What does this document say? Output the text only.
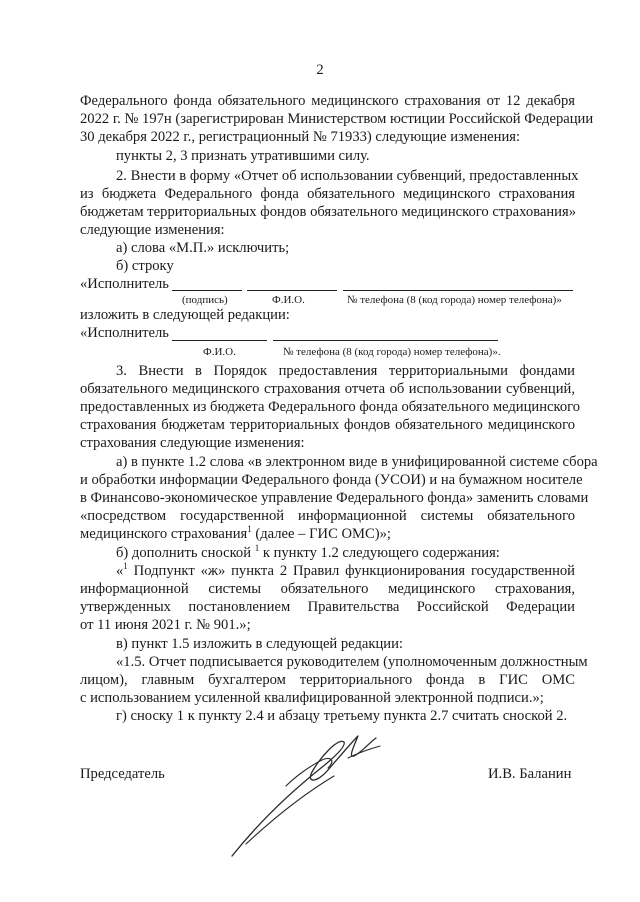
2
Федерального фонда обязательного медицинского страхования от 12 декабря
2022 г. № 197н (зарегистрирован Министерством юстиции Российской Федерации
30 декабря 2022 г., регистрационный № 71933) следующие изменения:
пункты 2, 3 признать утратившими силу.
2. Внести в форму «Отчет об использовании субвенций, предоставленных
из бюджета Федерального фонда обязательного медицинского страхования
бюджетам территориальных фондов обязательного медицинского страхования»
следующие изменения:
а) слова «М.П.» исключить;
б) строку
«Исполнитель
(подпись)	Ф.И.О.	№ телефона (8 (код города) номер телефона)»
изложить в следующей редакции:
«Исполнитель
Ф.И.О.	№ телефона (8 (код города) номер телефона)».
3. Внести в Порядок предоставления территориальными фондами
обязательного медицинского страхования отчета об использовании субвенций,
предоставленных из бюджета Федерального фонда обязательного медицинского
страхования бюджетам территориальных фондов обязательного медицинского
страхования следующие изменения:
а) в пункте 1.2 слова «в электронном виде в унифицированной системе сбора
и обработки информации Федерального фонда (УСОИ) и на бумажном носителе
в Финансово-экономическое управление Федерального фонда» заменить словами
«посредством государственной информационной системы обязательного
медицинского страхования$^1$ (далее – ГИС ОМС)»;
б) дополнить сноской $^1$ к пункту 1.2 следующего содержания:
«$^1$ Подпункт «ж» пункта 2 Правил функционирования государственной
информационной системы обязательного медицинского страхования,
утвержденных постановлением Правительства Российской Федерации
от 11 июня 2021 г. № 901.»;
в) пункт 1.5 изложить в следующей редакции:
«1.5. Отчет подписывается руководителем (уполномоченным должностным
лицом), главным бухгалтером территориального фонда в ГИС ОМС
с использованием усиленной квалифицированной электронной подписи.»;
г) сноску 1 к пункту 2.4 и абзацу третьему пункта 2.7 считать сноской 2.
Председатель	И.В. Баланин
